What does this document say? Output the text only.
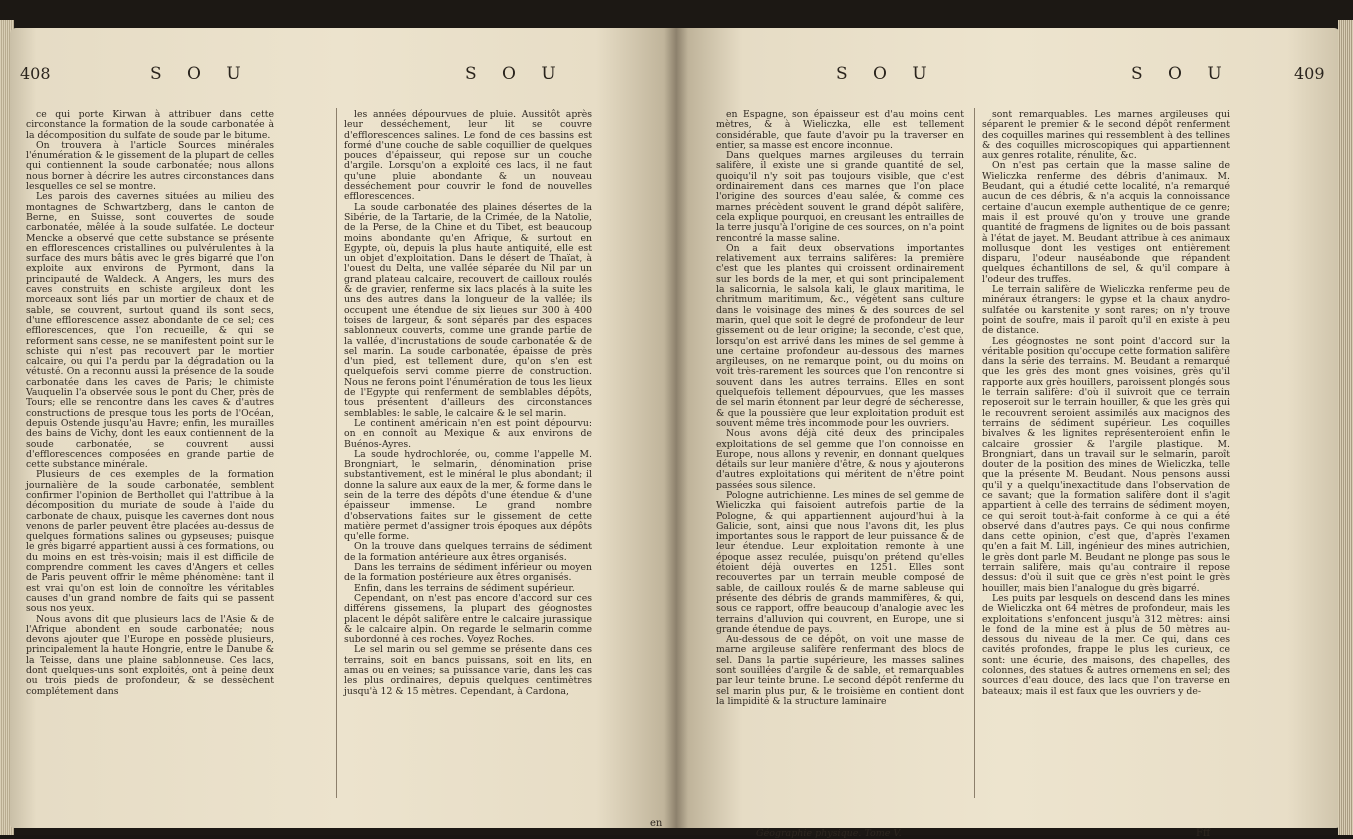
408	S O U	S O U

ce qui porte Kirwan à attribuer dans cette circonstance la formation de la soude carbonatée à la décomposition du sulfate de soude par le bitume.

On trouvera à l'article Sources minérales l'énumération & le gissement de la plupart de celles qui contiennent la soude carbonatée; nous allons nous borner à décrire les autres circonstances dans lesquelles ce sel se montre.

Les parois des cavernes situées au milieu des montagnes de Schwartzberg, dans le canton de Berne, en Suisse, sont couvertes de soude carbonatée, mêlée à la soude sulfatée. Le docteur Mencke a observé que cette substance se présente en efflorescences cristallines ou pulvérulentes à la surface des murs bâtis avec le grès bigarré que l'on exploite aux environs de Pyrmont, dans la principauté de Waldeck. A Angers, les murs des caves construits en schiste argileux dont les morceaux sont liés par un mortier de chaux et de sable, se couvrent, surtout quand ils sont secs, d'une efflorescence assez abondante de ce sel; ces efflorescences, que l'on recueille, & qui se reforment sans cesse, ne se manifestent point sur le schiste qui n'est pas recouvert par le mortier calcaire, ou qui l'a perdu par la dégradation ou la vétusté. On a reconnu aussi la présence de la soude carbonatée dans les caves de Paris; le chimiste Vauquelin l'a observée sous le pont du Cher, près de Tours; elle se rencontre dans les caves & d'autres constructions de presque tous les ports de l'Océan, depuis Ostende jusqu'au Havre; enfin, les murailles des bains de Vichy, dont les eaux contiennent de la soude carbonatée, se couvrent aussi d'efflorescences composées en grande partie de cette substance minérale.

Plusieurs de ces exemples de la formation journalière de la soude carbonatée, semblent confirmer l'opinion de Berthollet qui l'attribue à la décomposition du muriate de soude à l'aide du carbonate de chaux, puisque les cavernes dont nous venons de parler peuvent être placées au-dessus de quelques formations salines ou gypseuses; puisque le grès bigarré appartient aussi à ces formations, ou du moins en est très-voisin; mais il est difficile de comprendre comment les caves d'Angers et celles de Paris peuvent offrir le même phénomène: tant il est vrai qu'on est loin de connoître les véritables causes d'un grand nombre de faits qui se passent sous nos yeux.

Nous avons dit que plusieurs lacs de l'Asie & de l'Afrique abondent en soude carbonatée; nous devons ajouter que l'Europe en possède plusieurs, principalement la haute Hongrie, entre le Danube & la Teisse, dans une plaine sablonneuse. Ces lacs, dont quelques-uns sont exploités, ont à peine deux ou trois pieds de profondeur, & se dessèchent complétement dans

les années dépourvues de pluie. Aussitôt après leur desséchement, leur lit se couvre d'efflorescences salines. Le fond de ces bassins est formé d'une couche de sable coquillier de quelques pouces d'épaisseur, qui repose sur un couche d'argile. Lorsqu'on a exploité ces lacs, il ne faut qu'une pluie abondante & un nouveau desséchement pour couvrir le fond de nouvelles efflorescences.

La soude carbonatée des plaines désertes de la Sibérie, de la Tartarie, de la Crimée, de la Natolie, de la Perse, de la Chine et du Tibet, est beaucoup moins abondante qu'en Afrique, & surtout en Egypte, où, depuis la plus haute antiquité, elle est un objet d'exploitation. Dans le désert de Thaïat, à l'ouest du Delta, une vallée séparée du Nil par un grand plateau calcaire, recouvert de cailloux roulés & de gravier, renferme six lacs placés à la suite les uns des autres dans la longueur de la vallée; ils occupent une étendue de six lieues sur 300 à 400 toises de largeur, & sont séparés par des espaces sablonneux couverts, comme une grande partie de la vallée, d'incrustations de soude carbonatée & de sel marin. La soude carbonatée, épaisse de près d'un pied, est tellement dure, qu'on s'en est quelquefois servi comme pierre de construction. Nous ne ferons point l'énumération de tous les lieux de l'Egypte qui renferment de semblables dépôts, tous présentent d'ailleurs des circonstances semblables: le sable, le calcaire & le sel marin.

Le continent américain n'en est point dépourvu: on en connoît au Mexique & aux environs de Buénos-Ayres.

La soude hydrochlorée, ou, comme l'appelle M. Brongniart, le selmarin, dénomination prise substantivement, est le minéral le plus abondant; il donne la salure aux eaux de la mer, & forme dans le sein de la terre des dépôts d'une étendue & d'une épaisseur immense. Le grand nombre d'observations faites sur le gissement de cette matière permet d'assigner trois époques aux dépôts qu'elle forme.

On la trouve dans quelques terrains de sédiment de la formation antérieure aux êtres organisés.

Dans les terrains de sédiment inférieur ou moyen de la formation postérieure aux êtres organisés.

Enfin, dans les terrains de sédiment supérieur.

Cependant, on n'est pas encore d'accord sur ces différens gissemens, la plupart des géognostes placent le dépôt salifère entre le calcaire jurassique & le calcaire alpin. On regarde le selmarin comme subordonné à ces roches. Voyez Roches.

Le sel marin ou sel gemme se présente dans ces terrains, soit en bancs puissans, soit en lits, en amas ou en veines; sa puissance varie, dans les cas les plus ordinaires, depuis quelques centimètres jusqu'à 12 & 15 mètres. Cependant, à Cardona,

en
S O U	S O U	409

en Espagne, son épaisseur est d'au moins cent mètres, & à Wieliczka, elle est tellement considérable, que faute d'avoir pu la traverser en entier, sa masse est encore inconnue.

Dans quelques marnes argileuses du terrain salifère, il existe une si grande quantité de sel, quoiqu'il n'y soit pas toujours visible, que c'est ordinairement dans ces marnes que l'on place l'origine des sources d'eau salée, & comme ces marnes précèdent souvent le grand dépôt salifère, cela explique pourquoi, en creusant les entrailles de la terre jusqu'à l'origine de ces sources, on n'a point rencontré la masse saline.

On a fait deux observations importantes relativement aux terrains salifères: la première c'est que les plantes qui croissent ordinairement sur les bords de la mer, et qui sont principalement la salicornia, le salsola kali, le glaux maritima, le chritmum maritimum, &c., végètent sans culture dans le voisinage des mines & des sources de sel marin, quel que soit le degré de profondeur de leur gissement ou de leur origine; la seconde, c'est que, lorsqu'on est arrivé dans les mines de sel gemme à une certaine profondeur au-dessous des marnes argileuses, on ne remarque point, ou du moins on voit très-rarement les sources que l'on rencontre si souvent dans les autres terrains. Elles en sont quelquefois tellement dépourvues, que les masses de sel marin étonnent par leur degré de sécheresse, & que la poussière que leur exploitation produit est souvent même très incommode pour les ouvriers.

Nous avons déjà cité deux des principales exploitations de sel gemme que l'on connoisse en Europe, nous allons y revenir, en donnant quelques détails sur leur manière d'être, & nous y ajouterons d'autres exploitations qui méritent de n'être point passées sous silence.

Pologne autrichienne. Les mines de sel gemme de Wieliczka qui faisoient autrefois partie de la Pologne, & qui appartiennent aujourd'hui à la Galicie, sont, ainsi que nous l'avons dit, les plus importantes sous le rapport de leur puissance & de leur étendue. Leur exploitation remonte à une époque assez reculée, puisqu'on prétend qu'elles étoient déjà ouvertes en 1251. Elles sont recouvertes par un terrain meuble composé de sable, de cailloux roulés & de marne sableuse qui présente des débris de grands mammifères, & qui, sous ce rapport, offre beaucoup d'analogie avec les terrains d'alluvion qui couvrent, en Europe, une si grande étendue de pays.

Au-dessous de ce dépôt, on voit une masse de marne argileuse salifère renfermant des blocs de sel. Dans la partie supérieure, les masses salines sont souillées d'argile & de sable, et remarquables par leur teinte brune. Le second dépôt renferme du sel marin plus pur, & le troisième en contient dont la limpidité & la structure laminaire

sont remarquables. Les marnes argileuses qui séparent le premier & le second dépôt renferment des coquilles marines qui ressemblent à des tellines & des coquilles microscopiques qui appartiennent aux genres rotalite, rénulite, &c.

On n'est pas certain que la masse saline de Wieliczka renferme des débris d'animaux. M. Beudant, qui a étudié cette localité, n'a remarqué aucun de ces débris, & n'a acquis la connoissance certaine d'aucun exemple authentique de ce genre; mais il est prouvé qu'on y trouve une grande quantité de fragmens de lignites ou de bois passant à l'état de jayet. M. Beudant attribue à ces animaux mollusque dont les vestiges ont entièrement disparu, l'odeur nauséabonde que répandent quelques échantillons de sel, & qu'il compare à l'odeur des truffes.

Le terrain salifère de Wieliczka renferme peu de minéraux étrangers: le gypse et la chaux anydro-sulfatée ou karstenite y sont rares; on n'y trouve point de soufre, mais il paroît qu'il en existe à peu de distance.

Les géognostes ne sont point d'accord sur la véritable position qu'occupe cette formation salifère dans la série des terrains. M. Beudant a remarqué que les grès des mont gnes voisines, grès qu'il rapporte aux grès houillers, paroissent plongés sous le terrain salifère: d'où il suivroit que ce terrain reposeroit sur le terrain houiller, & que les grès qui le recouvrent seroient assimilés aux macignos des terrains de sédiment supérieur. Les coquilles bivalves & les lignites représenteroient enfin le calcaire grossier & l'argile plastique. M. Brongniart, dans un travail sur le selmarin, paroît douter de la position des mines de Wieliczka, telle que la présente M. Beudant. Nous pensons aussi qu'il y a quelqu'inexactitude dans l'observation de ce savant; que la formation salifère dont il s'agit appartient à celle des terrains de sédiment moyen, ce qui seroit tout-à-fait conforme à ce qui a été observé dans d'autres pays. Ce qui nous confirme dans cette opinion, c'est que, d'après l'examen qu'en a fait M. Lill, ingénieur des mines autrichien, le grès dont parle M. Beudant ne plonge pas sous le terrain salifère, mais qu'au contraire il repose dessus: d'où il suit que ce grès n'est point le grès houiller, mais bien l'analogue du grès bigarré.

Les puits par lesquels on descend dans les mines de Wieliczka ont 64 mètres de profondeur, mais les exploitations s'enfoncent jusqu'à 312 mètres: ainsi le fond de la mine est à plus de 50 mètres au-dessous du niveau de la mer. Ce qui, dans ces cavités profondes, frappe le plus les curieux, ce sont: une écurie, des maisons, des chapelles, des colonnes, des statues & autres ornemens en sel; des sources d'eau douce, des lacs que l'on traverse en bateaux; mais il est faux que les ouvriers y de-

Géographie physique. Tome V.	Fff
